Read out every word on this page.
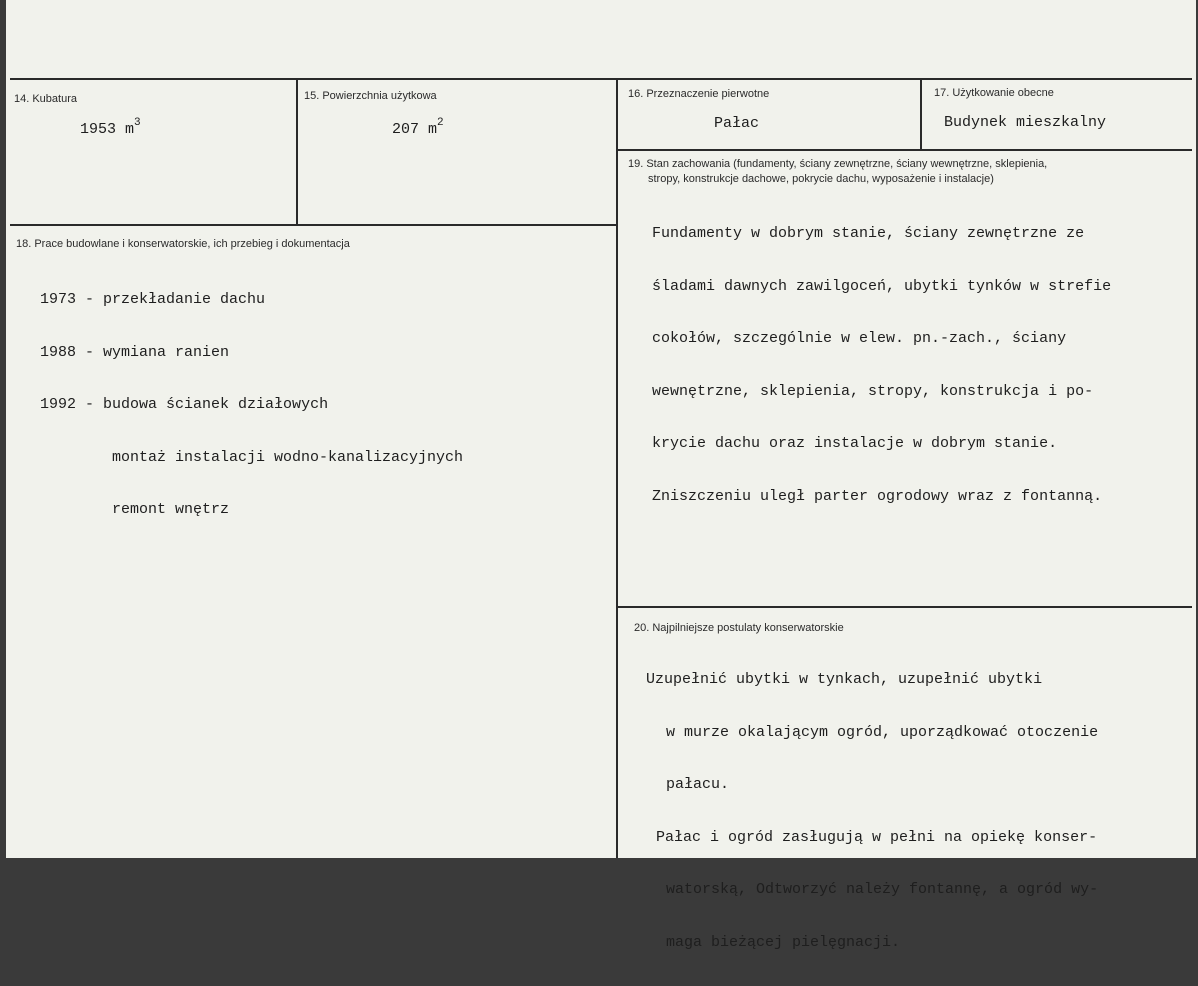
14. Kubatura
1953 $m^3$
15. Powierzchnia użytkowa
207 $m^2$
16. Przeznaczenie pierwotne
Pałac
17. Użytkowanie obecne
Budynek mieszkalny
18. Prace budowlane i konserwatorskie, ich przebieg i dokumentacja

1973 - przekładanie dachu

1988 - wymiana ranien

1992 - budowa ścianek działowych

montaż instalacji wodno-kanalizacyjnych

remont wnętrz

19. Stan zachowania (fundamenty, ściany zewnętrzne, ściany wewnętrzne, sklepienia,
stropy, konstrukcje dachowe, pokrycie dachu, wyposażenie i instalacje)

Fundamenty w dobrym stanie, ściany zewnętrzne ze

śladami dawnych zawilgoceń, ubytki tynków w strefie

cokołów, szczególnie w elew. pn.-zach., ściany

wewnętrzne, sklepienia, stropy, konstrukcja i po-

krycie dachu oraz instalacje w dobrym stanie.

Zniszczeniu uległ parter ogrodowy wraz z fontanną.

20. Najpilniejsze postulaty konserwatorskie

Uzupełnić ubytki w tynkach, uzupełnić ubytki

w murze okalającym ogród, uporządkować otoczenie

pałacu.

Pałac i ogród zasługują w pełni na opiekę konser-

watorską, Odtworzyć należy fontannę, a ogród wy-

maga bieżącej pielęgnacji.
